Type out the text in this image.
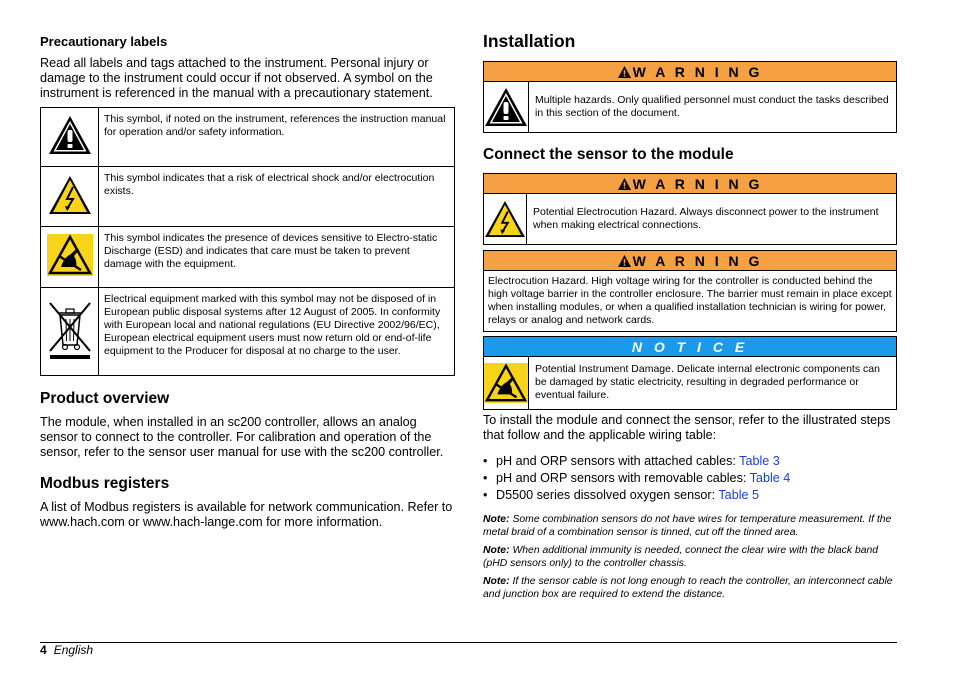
Precautionary labels
Read all labels and tags attached to the instrument. Personal injury or damage to the instrument could occur if not observed. A symbol on the instrument is referenced in the manual with a precautionary statement.
	This symbol, if noted on the instrument, references the instruction manual for operation and/or safety information.
	This symbol indicates that a risk of electrical shock and/or electrocution exists.
	This symbol indicates the presence of devices sensitive to Electro-static Discharge (ESD) and indicates that care must be taken to prevent damage with the equipment.
	Electrical equipment marked with this symbol may not be disposed of in European public disposal systems after 12 August of 2005. In conformity with European local and national regulations (EU Directive 2002/96/EC), European electrical equipment users must now return old or end-of-life equipment to the Producer for disposal at no charge to the user.
Product overview
The module, when installed in an sc200 controller, allows an analog sensor to connect to the controller. For calibration and operation of the sensor, refer to the sensor user manual for use with the sc200 controller.
Modbus registers
A list of Modbus registers is available for network communication. Refer to www.hach.com or www.hach-lange.com for more information.
Installation
W A R N I N G
Multiple hazards. Only qualified personnel must conduct the tasks described in this section of the document.
Connect the sensor to the module
W A R N I N G
Potential Electrocution Hazard. Always disconnect power to the instrument when making electrical connections.
W A R N I N G
Electrocution Hazard. High voltage wiring for the controller is conducted behind the high voltage barrier in the controller enclosure. The barrier must remain in place except when installing modules, or when a qualified installation technician is wiring for power, relays or analog and network cards.
N O T I C E
Potential Instrument Damage. Delicate internal electronic components can be damaged by static electricity, resulting in degraded performance or eventual failure.
To install the module and connect the sensor, refer to the illustrated steps that follow and the applicable wiring table:
• pH and ORP sensors with attached cables: Table 3
• pH and ORP sensors with removable cables: Table 4
• D5500 series dissolved oxygen sensor: Table 5
Note: Some combination sensors do not have wires for temperature measurement. If the metal braid of a combination sensor is tinned, cut off the tinned area.
Note: When additional immunity is needed, connect the clear wire with the black band (pHD sensors only) to the controller chassis.
Note: If the sensor cable is not long enough to reach the controller, an interconnect cable and junction box are required to extend the distance.
4 English
